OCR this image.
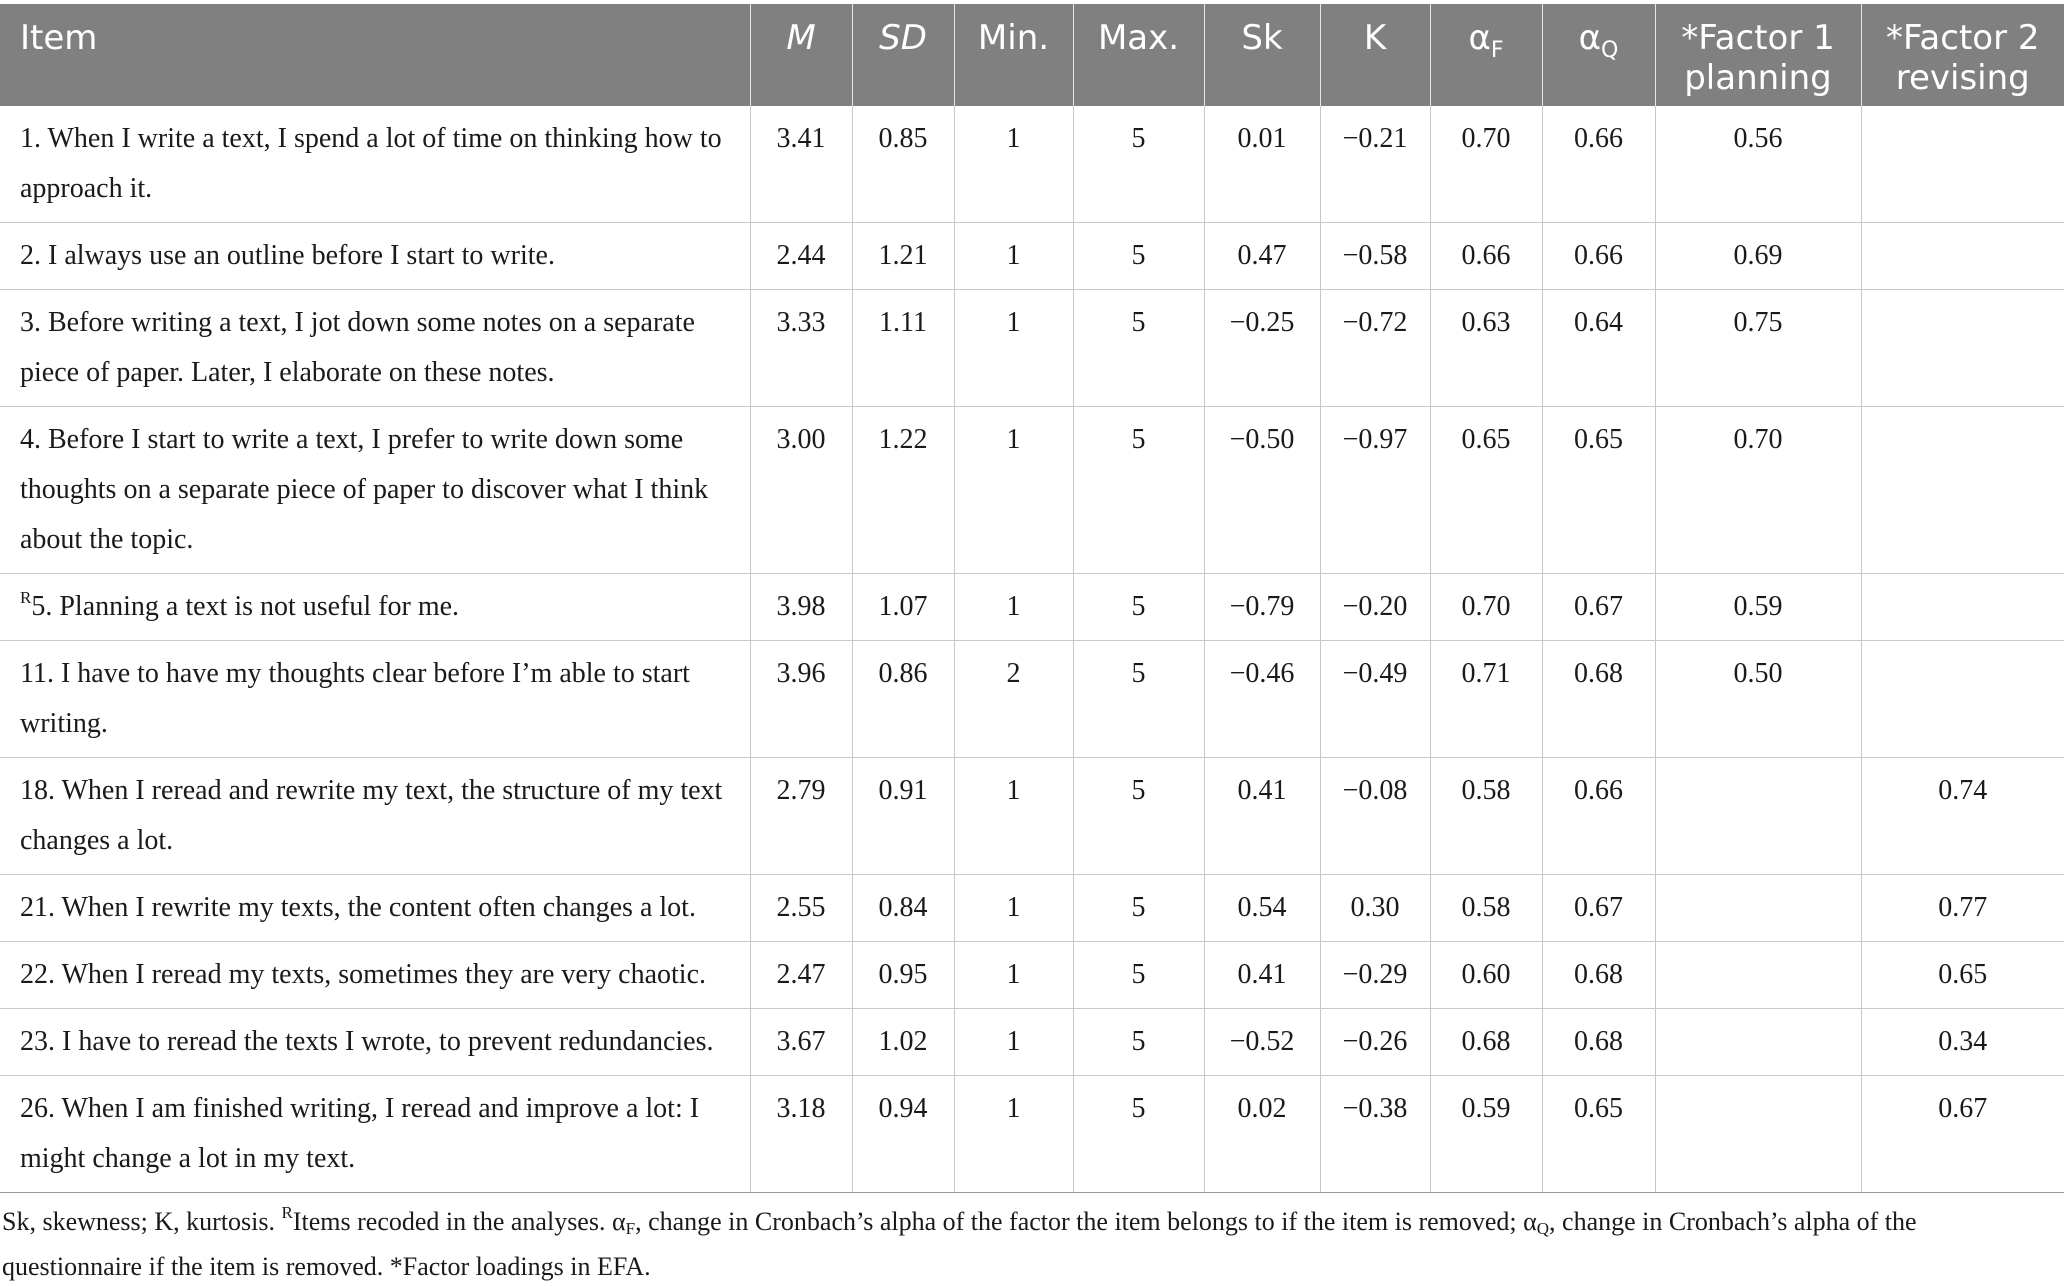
Item	M	SD	Min.	Max.	Sk	K	$\alpha_F$	$\alpha_Q$	*Factor 1 planning	*Factor 2 revising
1. When I write a text, I spend a lot of time on thinking how to approach it.	3.41	0.85	1	5	0.01	−0.21	0.70	0.66	0.56	
2. I always use an outline before I start to write.	2.44	1.21	1	5	0.47	−0.58	0.66	0.66	0.69	
3. Before writing a text, I jot down some notes on a separate piece of paper. Later, I elaborate on these notes.	3.33	1.11	1	5	−0.25	−0.72	0.63	0.64	0.75	
4. Before I start to write a text, I prefer to write down some thoughts on a separate piece of paper to discover what I think about the topic.	3.00	1.22	1	5	−0.50	−0.97	0.65	0.65	0.70	
$^R$5. Planning a text is not useful for me.	3.98	1.07	1	5	−0.79	−0.20	0.70	0.67	0.59	
11. I have to have my thoughts clear before I’m able to start writing.	3.96	0.86	2	5	−0.46	−0.49	0.71	0.68	0.50	
18. When I reread and rewrite my text, the structure of my text changes a lot.	2.79	0.91	1	5	0.41	−0.08	0.58	0.66		0.74
21. When I rewrite my texts, the content often changes a lot.	2.55	0.84	1	5	0.54	0.30	0.58	0.67		0.77
22. When I reread my texts, sometimes they are very chaotic.	2.47	0.95	1	5	0.41	−0.29	0.60	0.68		0.65
23. I have to reread the texts I wrote, to prevent redundancies.	3.67	1.02	1	5	−0.52	−0.26	0.68	0.68		0.34
26. When I am finished writing, I reread and improve a lot: I might change a lot in my text.	3.18	0.94	1	5	0.02	−0.38	0.59	0.65		0.67
Sk, skewness; K, kurtosis. $^R$Items recoded in the analyses. αF, change in Cronbach’s alpha of the factor the item belongs to if the item is removed; αQ, change in Cronbach’s alpha of the questionnaire if the item is removed. *Factor loadings in EFA.
